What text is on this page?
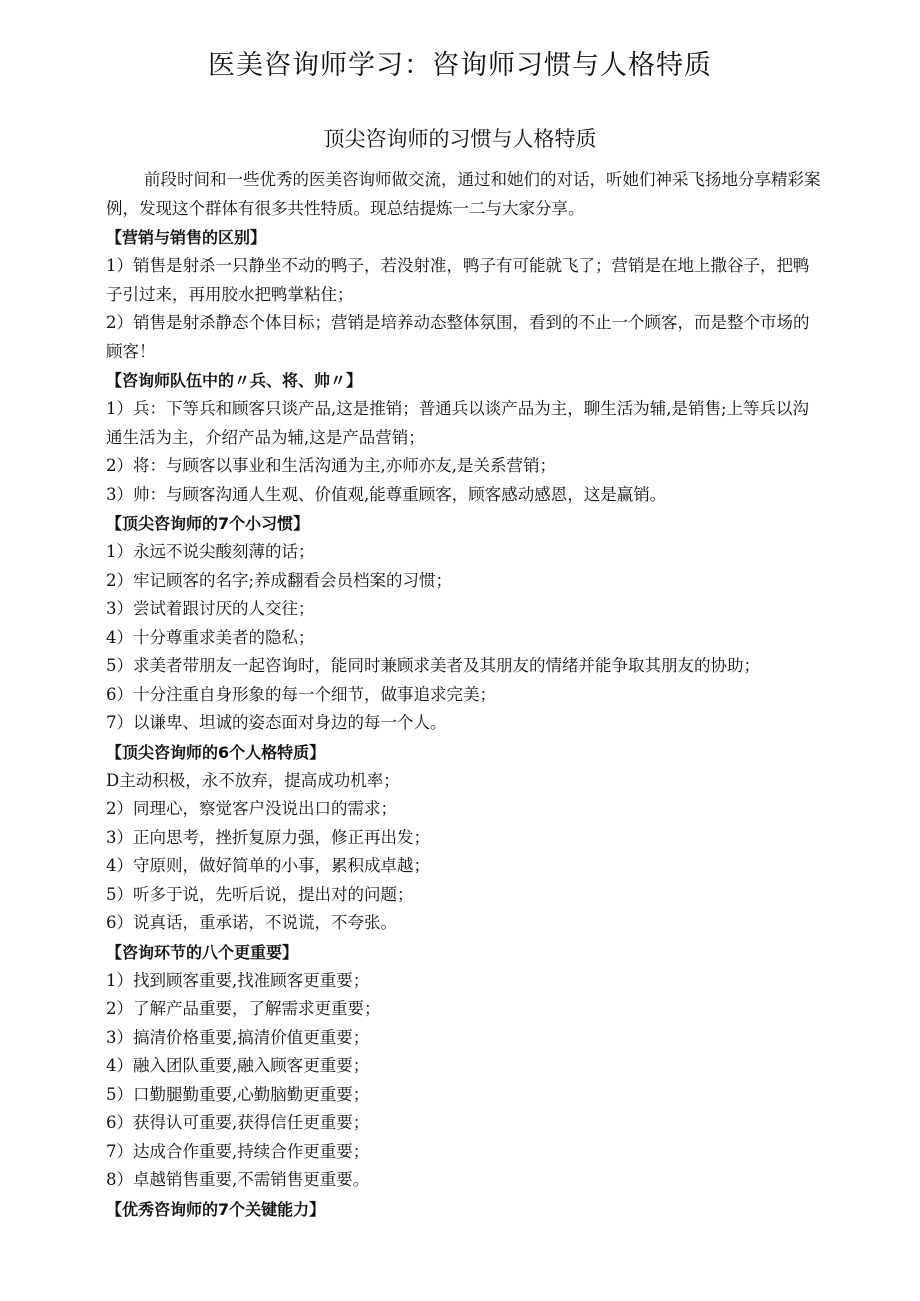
医美咨询师学习：咨询师习惯与人格特质
顶尖咨询师的习惯与人格特质

前段时间和一些优秀的医美咨询师做交流，通过和她们的对话，听她们神采飞扬地分享精彩案例，发现这个群体有很多共性特质。现总结提炼一二与大家分享。

【营销与销售的区别】

1）销售是射杀一只静坐不动的鸭子，若没射准，鸭子有可能就飞了；营销是在地上撒谷子，把鸭子引过来，再用胶水把鸭掌粘住；

2）销售是射杀静态个体目标；营销是培养动态整体氛围，看到的不止一个顾客，而是整个市场的顾客！

【咨询师队伍中的〃兵、将、帅〃】

1）兵：下等兵和顾客只谈产品,这是推销；普通兵以谈产品为主，聊生活为辅,是销售;上等兵以沟通生活为主，介绍产品为辅,这是产品营销；

2）将：与顾客以事业和生活沟通为主,亦师亦友,是关系营销；

3）帅：与顾客沟通人生观、价值观,能尊重顾客，顾客感动感恩，这是赢销。

【顶尖咨询师的7个小习惯】

1）永远不说尖酸刻薄的话；

2）牢记顾客的名字;养成翻看会员档案的习惯；

3）尝试着跟讨厌的人交往；

4）十分尊重求美者的隐私；

5）求美者带朋友一起咨询时，能同时兼顾求美者及其朋友的情绪并能争取其朋友的协助；

6）十分注重自身形象的每一个细节，做事追求完美；

7）以谦卑、坦诚的姿态面对身边的每一个人。

【顶尖咨询师的6个人格特质】

D主动积极，永不放弃，提高成功机率；

2）同理心，察觉客户没说出口的需求；

3）正向思考，挫折复原力强，修正再出发；

4）守原则，做好简单的小事，累积成卓越；

5）听多于说，先听后说，提出对的问题；

6）说真话，重承诺，不说谎，不夸张。

【咨询环节的八个更重要】

1）找到顾客重要,找准顾客更重要；

2）了解产品重要，了解需求更重要；

3）搞清价格重要,搞清价值更重要；

4）融入团队重要,融入顾客更重要；

5）口勤腿勤重要,心勤脑勤更重要；

6）获得认可重要,获得信任更重要；

7）达成合作重要,持续合作更重要；

8）卓越销售重要,不需销售更重要。

【优秀咨询师的7个关键能力】
